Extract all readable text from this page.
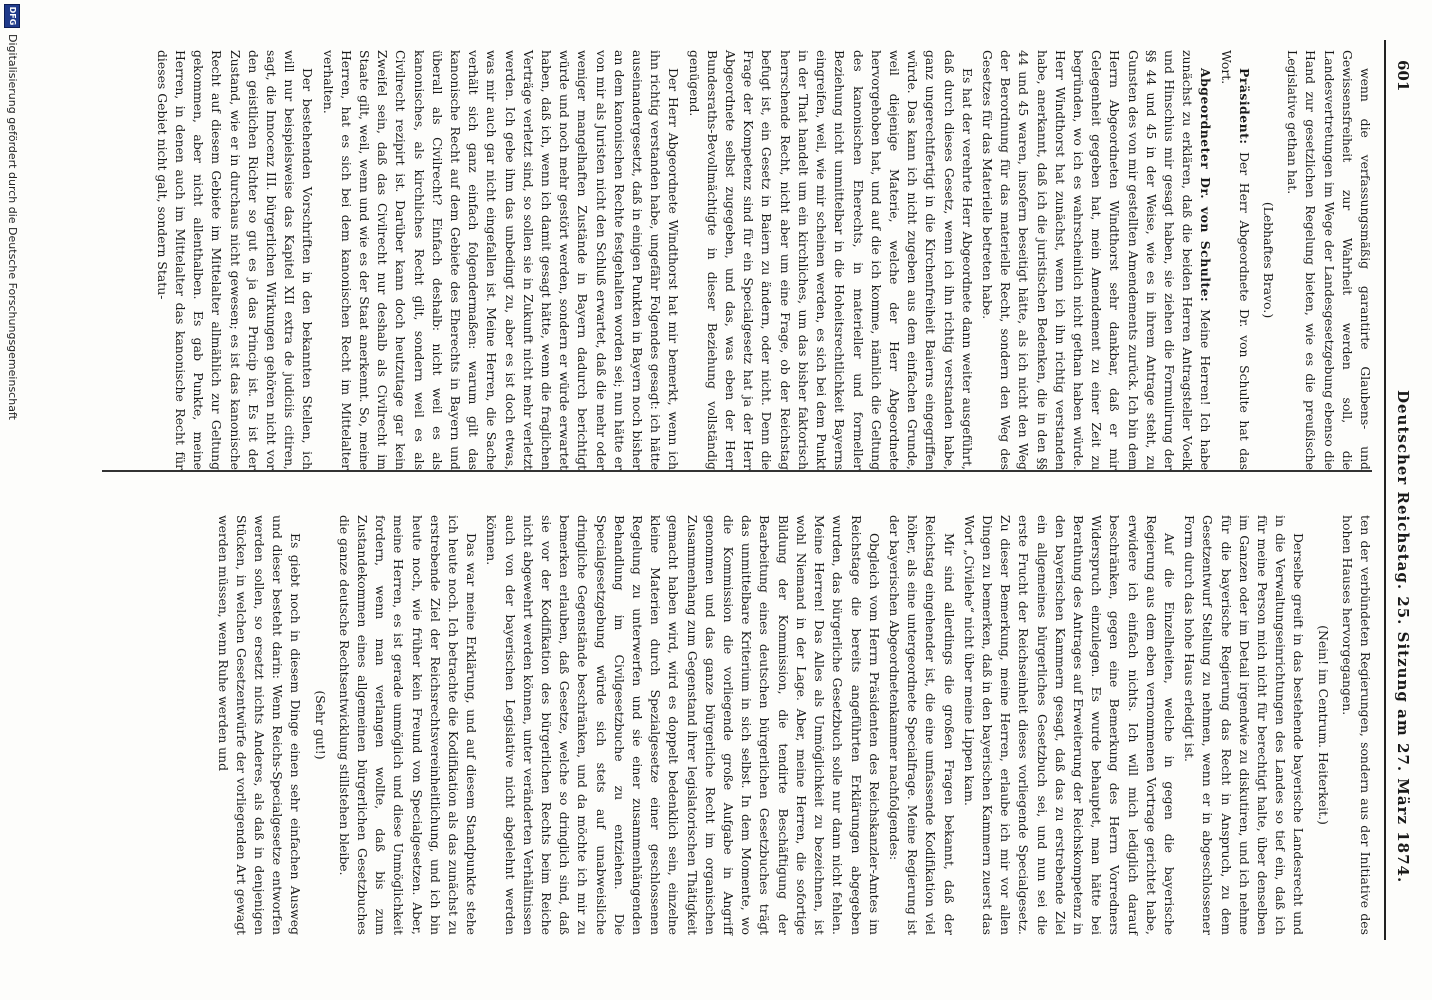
601
Deutscher Reichstag. 25. Sitzung am 27. März 1874.

wenn die verfassungsmäßig garantirte Glaubens- und Gewissensfreiheit zur Wahrheit werden soll, die Landesvertretungen im Wege der Landesgesetzgebung ebenso die Hand zur gesetzlichen Regelung bieten, wie es die preußische Legislative gethan hat.

(Lebhaftes Bravo.)

Präsident: Der Herr Abgeordnete Dr. von Schulte hat das Wort.

Abgeordneter Dr. von Schulte: Meine Herren! Ich habe zunächst zu erklären, daß die beiden Herren Antragsteller Voelk und Hinschius mir gesagt haben, sie ziehen die Formulirung der §§ 44 und 45 in der Weise, wie es in ihrem Antrage steht, zu Gunsten des von mir gestellten Amendements zurück. Ich bin dem Herrn Abgeordneten Windthorst sehr dankbar, daß er mir Gelegenheit gegeben hat, mein Amendement zu einer Zeit zu begründen, wo ich es wahrscheinlich nicht gethan haben würde. Herr Windthorst hat zunächst, wenn ich ihn richtig verstanden habe, anerkannt, daß ich die juristischen Bedenken, die in den §§ 44 und 45 waren, insofern beseitigt hätte, als ich nicht den Weg der Berordnung für das materielle Recht, sondern den Weg des Gesetzes für das Materielle betreten habe.

Es hat der verehrte Herr Abgeordnete dann weiter ausgeführt, daß durch dieses Gesetz, wenn ich ihn richtig verstanden habe, ganz ungerechtfertigt in die Kirchenfreiheit Baierns eingegriffen würde. Das kann ich nicht zugeben aus dem einfachen Grunde, weil diejenige Materie, welche der Herr Abgeordnete hervorgehoben hat, und auf die ich komme, nämlich die Geltung des kanonischen Eherechts, in materieller und formeller Beziehung nicht unmittelbar in die Hoheitsrechtlichkeit Bayerns eingreifen, weil, wie mir scheinen werden, es sich bei dem Punkt in der That handelt um ein kirchliches, um das bisher faktorisch herrschende Recht, nicht aber um eine Frage, ob der Reichstag befugt ist, ein Gesetz in Baiern zu ändern, oder nicht. Denn die Frage der Kompetenz sind für ein Specialgesetz hat ja der Herr Abgeordnete selbst zugegeben, und das, was eben der Herr Bundesraths-Bevollmächtigte in dieser Beziehung vollständig genügend.

Der Herr Abgeordnete Windthorst hat mir bemerkt, wenn ich ihn richtig verstanden habe, ungefähr Folgendes gesagt: ich hätte auseinandergesetzt, daß in einigen Punkten in Bayern noch bisher an dem kanonischen Rechte festgehalten worden sei; nun hätte er von mir als Juristen nicht den Schluß erwartet, daß die mehr oder weniger mangelhaften Zustände in Bayern dadurch berichtigt würde und noch mehr gestört werden, sondern er würde erwartet haben, daß ich, wenn ich damit gesagt hätte, wenn die fraglichen Verträge verletzt sind, so sollen sie in Zukunft nicht mehr verletzt werden. Ich gebe ihm das unbedingt zu, aber es ist doch etwas, was mir auch gar nicht eingefallen ist. Meine Herren, die Sache verhält sich ganz einfach folgendermaßen: warum gilt das kanonische Recht auf dem Gebiete des Eherechts in Bayern und überall als Civilrecht? Einfach deshalb: nicht weil es als kanonisches, als kirchliches Recht gilt, sondern weil es als Civilrecht rezipirt ist. Darüber kann doch heutzutage gar kein Zweifel sein, daß das Civilrecht nur deshalb als Civilrecht im Staate gilt, weil, wenn und wie es der Staat anerkennt. So, meine Herren, hat es sich bei dem kanonischen Recht im Mittelalter verhalten.

Der bestehenden Vorschriften in den bekannten Stellen, ich will nur beispielsweise das Kapitel XII extra de judiciis citiren, sagt, die Innocenz III. bürgerlichen Wirkungen gehören nicht vor den geistlichen Richter so gut es ja das Princip ist. Es ist der Zustand, wie er in durchaus nicht gewesen; es ist das kanonische Recht auf diesem Gebiete im Mittelalter allmählich zur Geltung gekommen, aber nicht allenthalben. Es gab Punkte, meine Herren, in denen auch im Mittelalter das kanonische Recht für dieses Gebiet nicht galt, sondern Statu-

ten der verbündeten Regierungen, sondern aus der Initiative des hohen Hauses hervorgegangen.

(Nein! im Centrum. Heiterkeit.)

Derselbe greift in das bestehende bayerische Landesrecht und in die Verwaltungseinrichtungen des Landes so tief ein, daß ich für meine Person mich nicht für berechtigt halte, über denselben im Ganzen oder im Detail irgendwie zu diskutiren, und ich nehme für die bayerische Regierung das Recht in Anspruch, zu dem Gesetzentwurf Stellung zu nehmen, wenn er in abgeschlossener Form durch das hohe Haus erledigt ist.

Auf die Einzelheiten, welche in gegen die bayerische Regierung aus dem eben vernommenen Vortrage gerichtet habe, erwidere ich einfach nichts. Ich will mich lediglich darauf beschränken, gegen eine Bemerkung des Herrn Vorredners Widerspruch einzulegen. Es wurde behauptet, man hätte bei Berathung des Antrages auf Erweiterung der Reichskompetenz in den bayerischen Kammern gesagt, daß das zu erstrebende Ziel ein allgemeines bürgerliches Gesetzbuch sei, und nun sei die erste Frucht der Reichseinheit dieses vorliegende Specialgesetz. Zu dieser Bemerkung, meine Herren, erlaube ich mir vor allen Dingen zu bemerken, daß in den bayerischen Kammern zuerst das Wort „Civilehe“ nicht über meine Lippen kam.

Mir sind allerdings die großen Fragen bekannt, daß der Reichstag eingehender ist, die eine umfassende Kodifikation viel höher, als eine untergeordnete Specialfrage. Meine Regierung ist der bayerischen Abgeordnetenkammer nachfolgendes:

Obgleich vom Herrn Präsidenten des Reichskanzler-Amtes im Reichstage die bereits angeführten Erklärungen abgegeben wurden, das bürgerliche Gesetzbuch solle nur dann nicht fehlen. Meine Herren! Das Alles als Unmöglichkeit zu bezeichnen, ist wohl Niemand in der Lage. Aber, meine Herren, die sofortige Bildung der Kommission, die tendirte Beschäftigung der Bearbeitung eines deutschen bürgerlichen Gesetzbuches trägt das unmittelbare Kriterium in sich selbst. In dem Momente, wo die Kommission die vorliegende große Aufgabe in Angriff genommen und das ganze bürgerliche Recht im organischen Zusammenhang zum Gegenstand ihrer legislatorischen Thätigkeit gemacht haben wird, wird es doppelt bedenklich sein, einzelne kleine Materien durch Spezialgesetze einer geschlossenen Regelung zu unterwerfen und sie einer zusammenhängenden Behandlung im Civilgesetzbuche zu entziehen. Die Specialgesetzgebung würde sich stets auf unabweisliche dringliche Gegenstände beschränken, und da möchte ich mir zu bemerken erlauben, daß Gesetze, welche so dringlich sind, daß sie vor der Kodifikation des bürgerlichen Rechts beim Reiche nicht abgewehrt werden können, unter veränderten Verhältnissen auch von der bayerischen Legislative nicht abgelehnt werden können.

Das war meine Erklärung, und auf diesem Standpunkte stehe ich heute noch. Ich betrachte die Kodifikation als das zunächst zu erstrebende Ziel der Reichsrechtsvereinheitlichung, und ich bin heute noch, wie früher kein Freund von Specialgesetzen. Aber, meine Herren, es ist gerade unmöglich und diese Unmöglichkeit fordern, wenn man verlangen wollte, daß bis zum Zustandekommen eines allgemeinen bürgerlichen Gesetzbuches die ganze deutsche Rechtsentwicklung stillstehen bleibe.

(Sehr gut!)

Es giebt noch in diesem Dinge einen sehr einfachen Ausweg und dieser besteht darin: Wenn Reichs-Specialgesetze entworfen werden sollen, so ersetzt nichts Anderes, als daß in denjenigen Stücken, in welchen Gesetzentwürfe der vorliegenden Art gewagt werden müssen, wenn Ruhe werden und

DFG
Digitalisierung gefördert durch die Deutsche Forschungsgemeinschaft
